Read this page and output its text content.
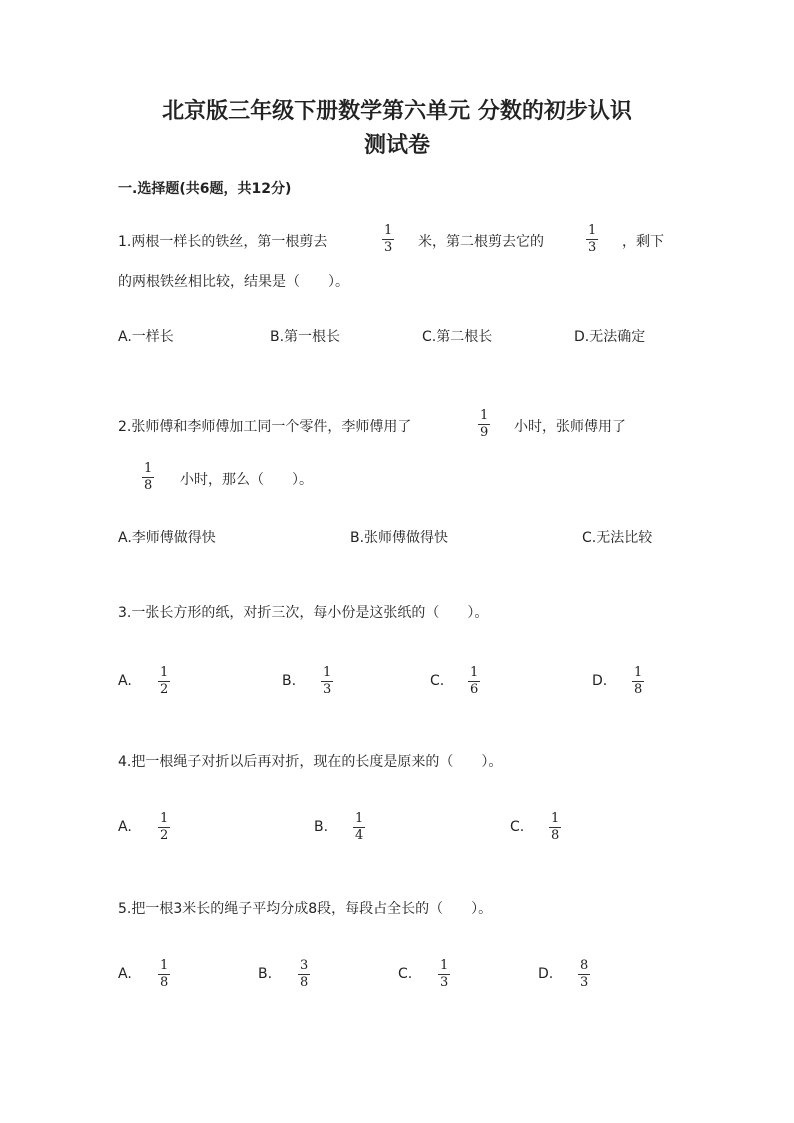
北京版三年级下册数学第六单元 分数的初步认识
测试卷
一.选择题(共6题，共12分)
1.两根一样长的铁丝，第一根剪去
1
3 米，第二根剪去它的
1
3 ，剩下
的两根铁丝相比较，结果是（　　）。
A.一样长	B.第一根长	C.第二根长	D.无法确定
2.张师傅和李师傅加工同一个零件，李师傅用了
1
9 小时，张师傅用了
1
8 小时，那么（　　）。
A.李师傅做得快	B.张师傅做得快	C.无法比较
3.一张长方形的纸，对折三次，每小份是这张纸的（　　）。
A.
1
2
B.
1
3
C.
1
6
D.
1
8
4.把一根绳子对折以后再对折，现在的长度是原来的（　　）。
A.
1
2
B.
1
4
C.
1
8
5.把一根3米长的绳子平均分成8段，每段占全长的（　　）。
A.
1
8
B.
3
8
C.
1
3
D.
8
3
